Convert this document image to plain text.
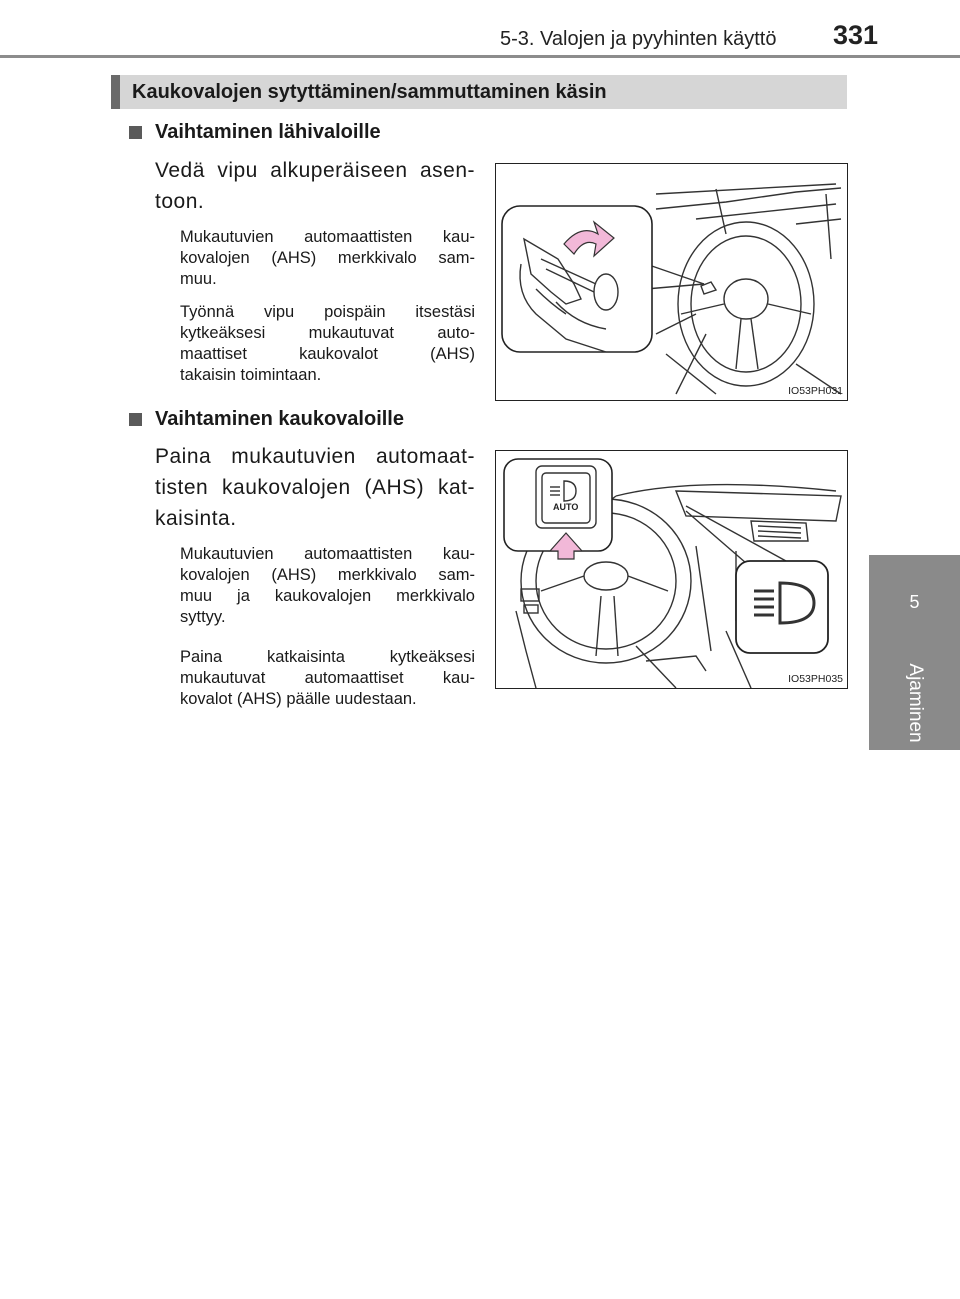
5-3. Valojen ja pyyhinten käyttö 331
5
Ajaminen
Kaukovalojen sytyttäminen/sammuttaminen käsin
Vaihtaminen lähivaloille
Vedä vipu alkuperäiseen asen-
toon.
Mukautuvien automaattisten kau-
kovalojen (AHS) merkkivalo sam-
muu.
Työnnä vipu poispäin itsestäsi
kytkeäksesi mukautuvat auto-
maattiset kaukovalot (AHS)
takaisin toimintaan.
IO53PH031
Vaihtaminen kaukovaloille
Paina mukautuvien automaat-
tisten kaukovalojen (AHS) kat-
kaisinta.
Mukautuvien automaattisten kau-
kovalojen (AHS) merkkivalo sam-
muu ja kaukovalojen merkkivalo
syttyy.
Paina katkaisinta kytkeäksesi
mukautuvat automaattiset kau-
kovalot (AHS) päälle uudestaan.
AUTO
IO53PH035
